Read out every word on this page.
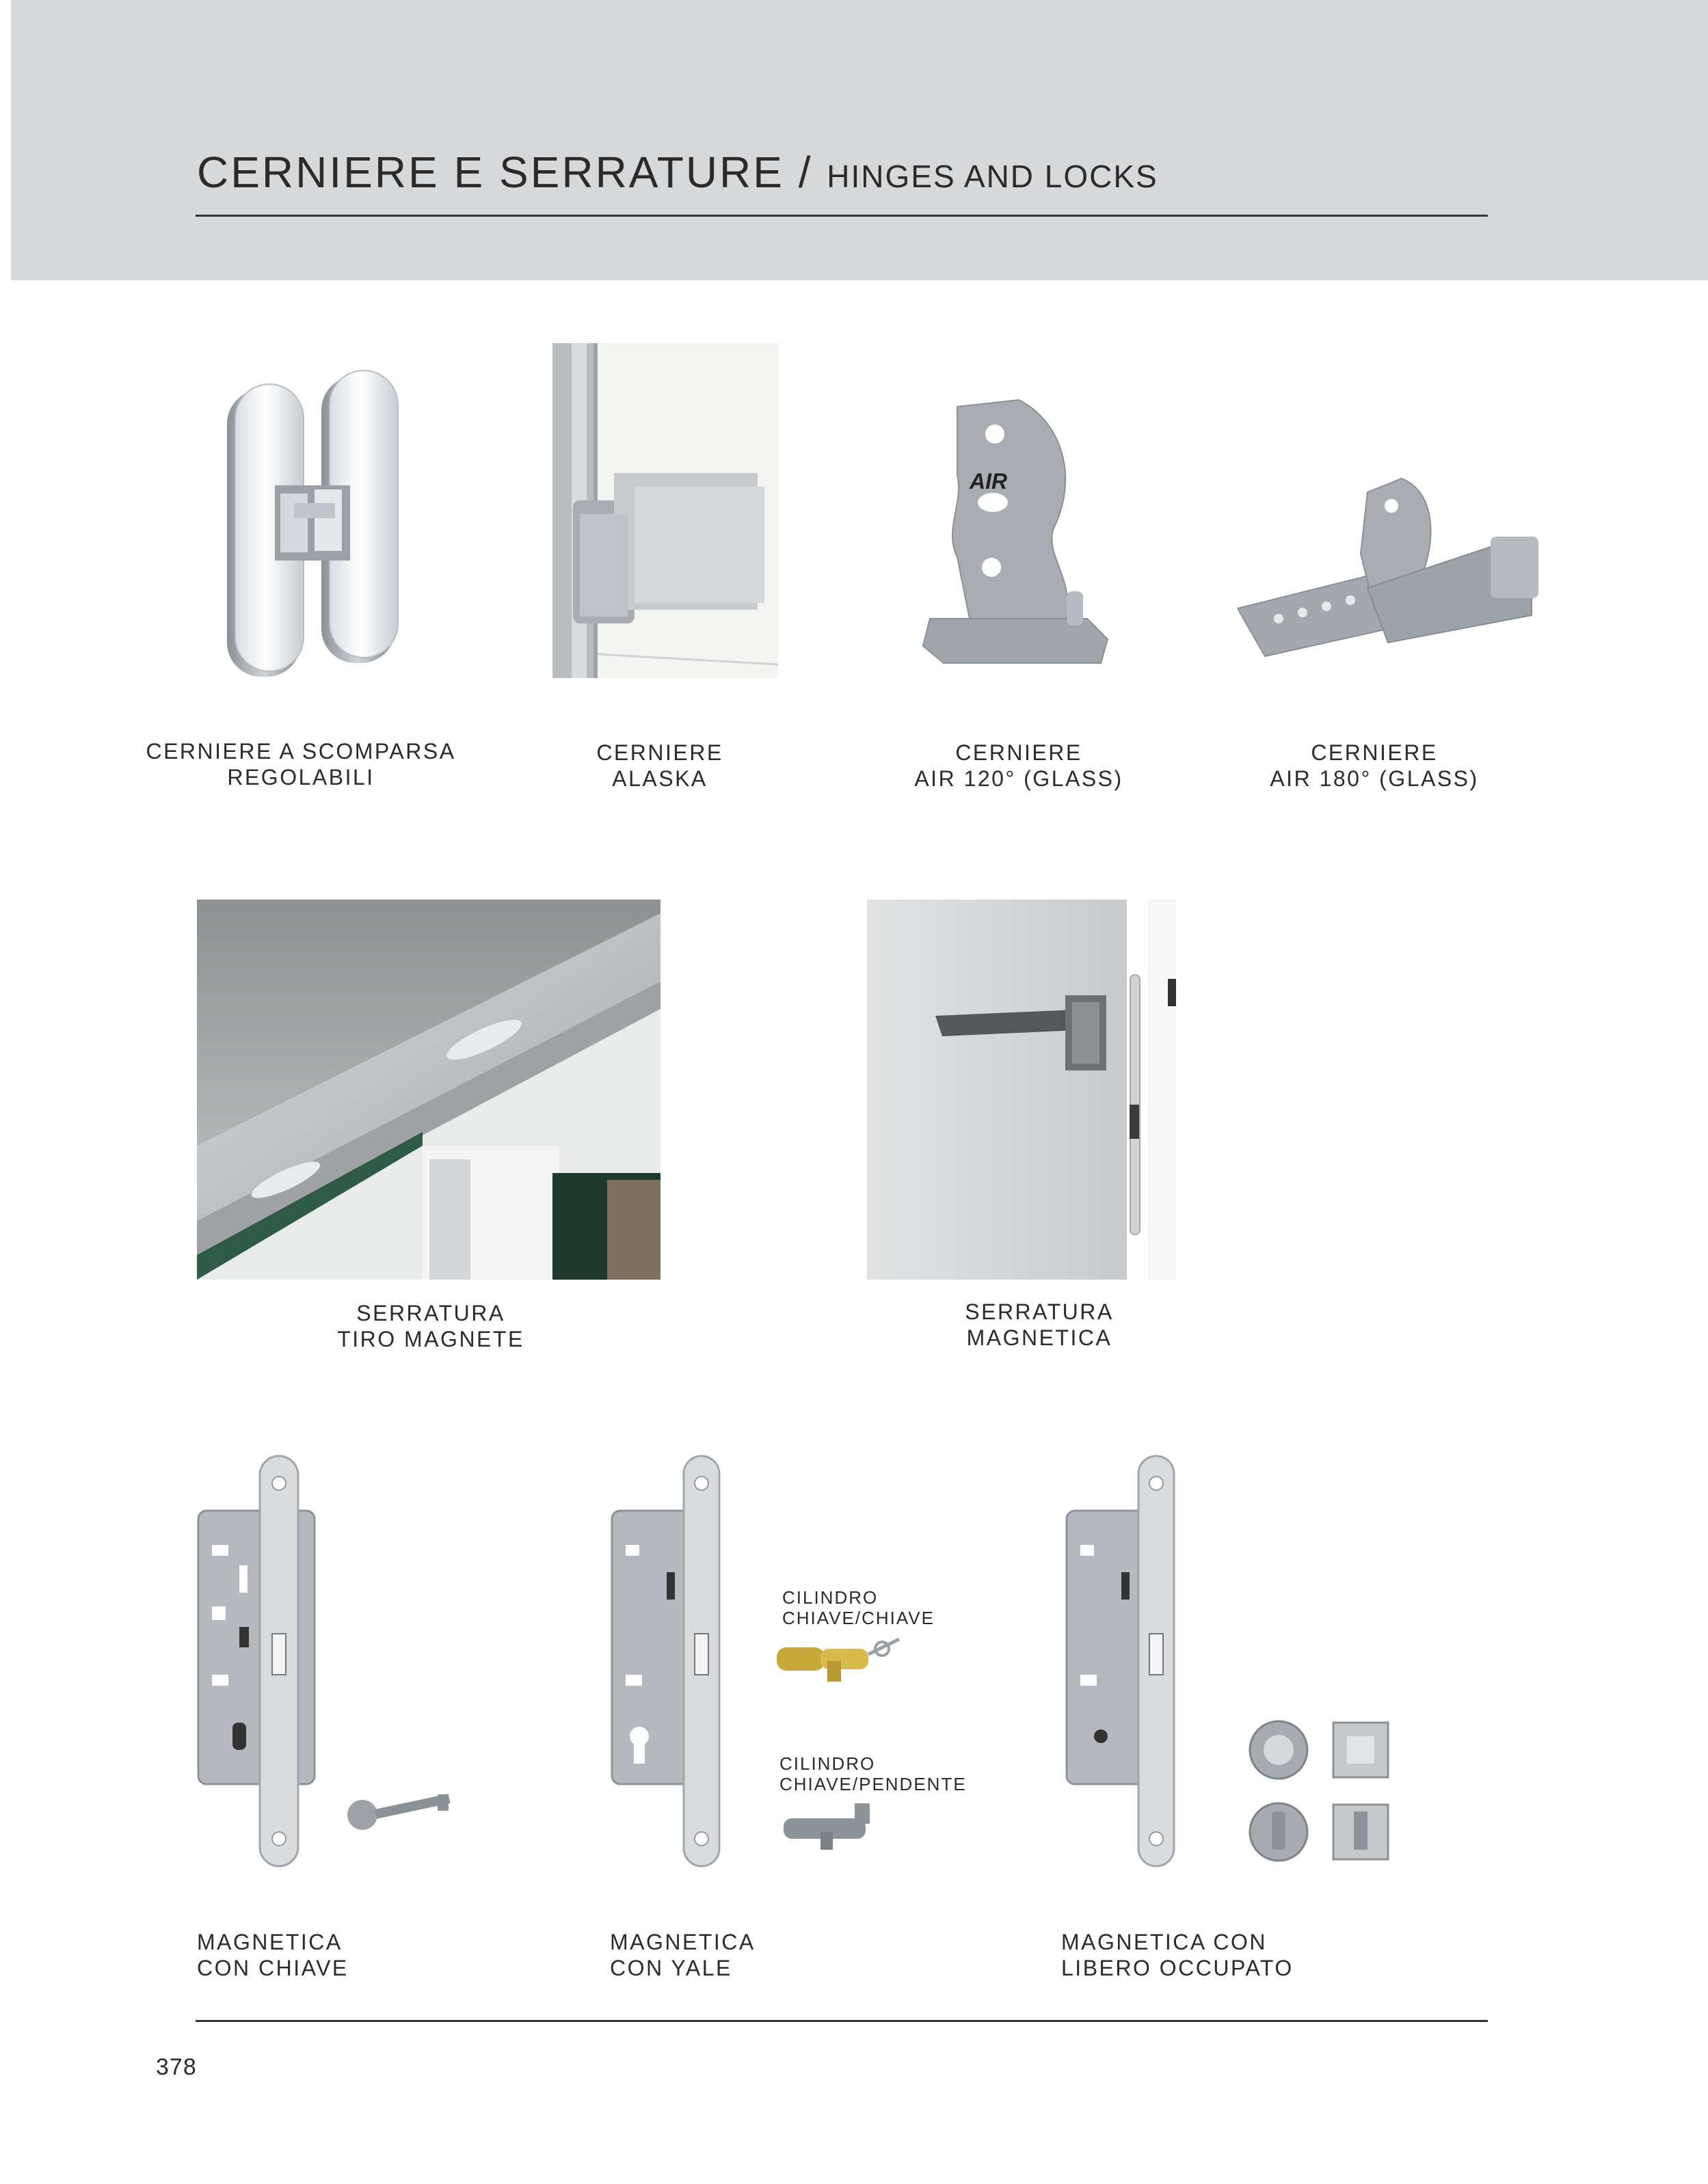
CERNIERE E SERRATURE / HINGES AND LOCKS
AIR
CERNIERE A SCOMPARSA
REGOLABILI
CERNIERE
ALASKA
CERNIERE
AIR 120° (GLASS)
CERNIERE
AIR 180° (GLASS)
SERRATURA
TIRO MAGNETE
SERRATURA
MAGNETICA
CILINDRO
CHIAVE/CHIAVE
CILINDRO
CHIAVE/PENDENTE
MAGNETICA
CON CHIAVE
MAGNETICA
CON YALE
MAGNETICA CON
LIBERO OCCUPATO
378
